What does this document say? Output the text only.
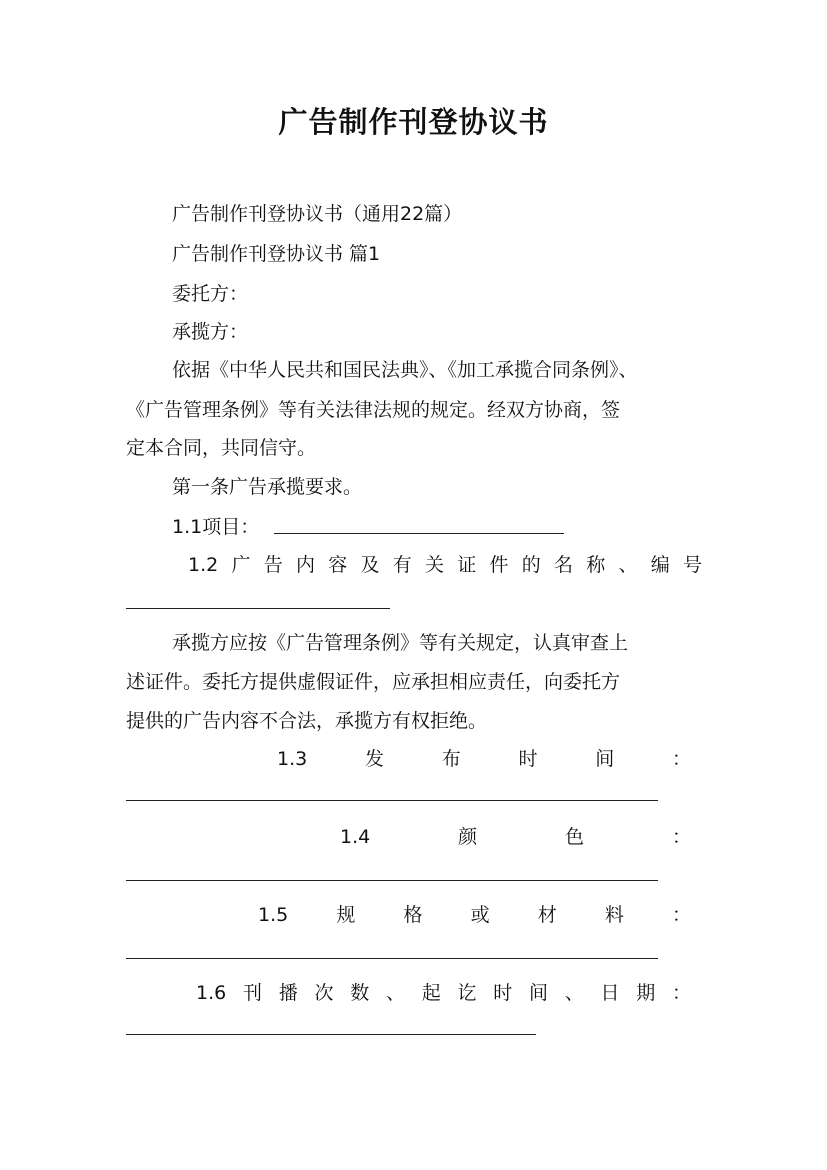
广告制作刊登协议书
广告制作刊登协议书（通用22篇）
广告制作刊登协议书 篇1
委托方：
承揽方：
依据《中华人民共和国民法典》、《加工承揽合同条例》、
《广告管理条例》等有关法律法规的规定。经双方协商，签
定本合同，共同信守。
第一条广告承揽要求。
1.1项目：
1.2 广 告 内 容 及 有 关 证 件 的 名 称 、 编 号
承揽方应按《广告管理条例》等有关规定，认真审查上
述证件。委托方提供虚假证件，应承担相应责任，向委托方
提供的广告内容不合法，承揽方有权拒绝。
1.3	发	布	时	间	：
1.4	颜	色	：
1.5	规	格	或	材	料	：
1.6 刊 播 次 数 、 起 讫 时 间 、 日 期 ：
